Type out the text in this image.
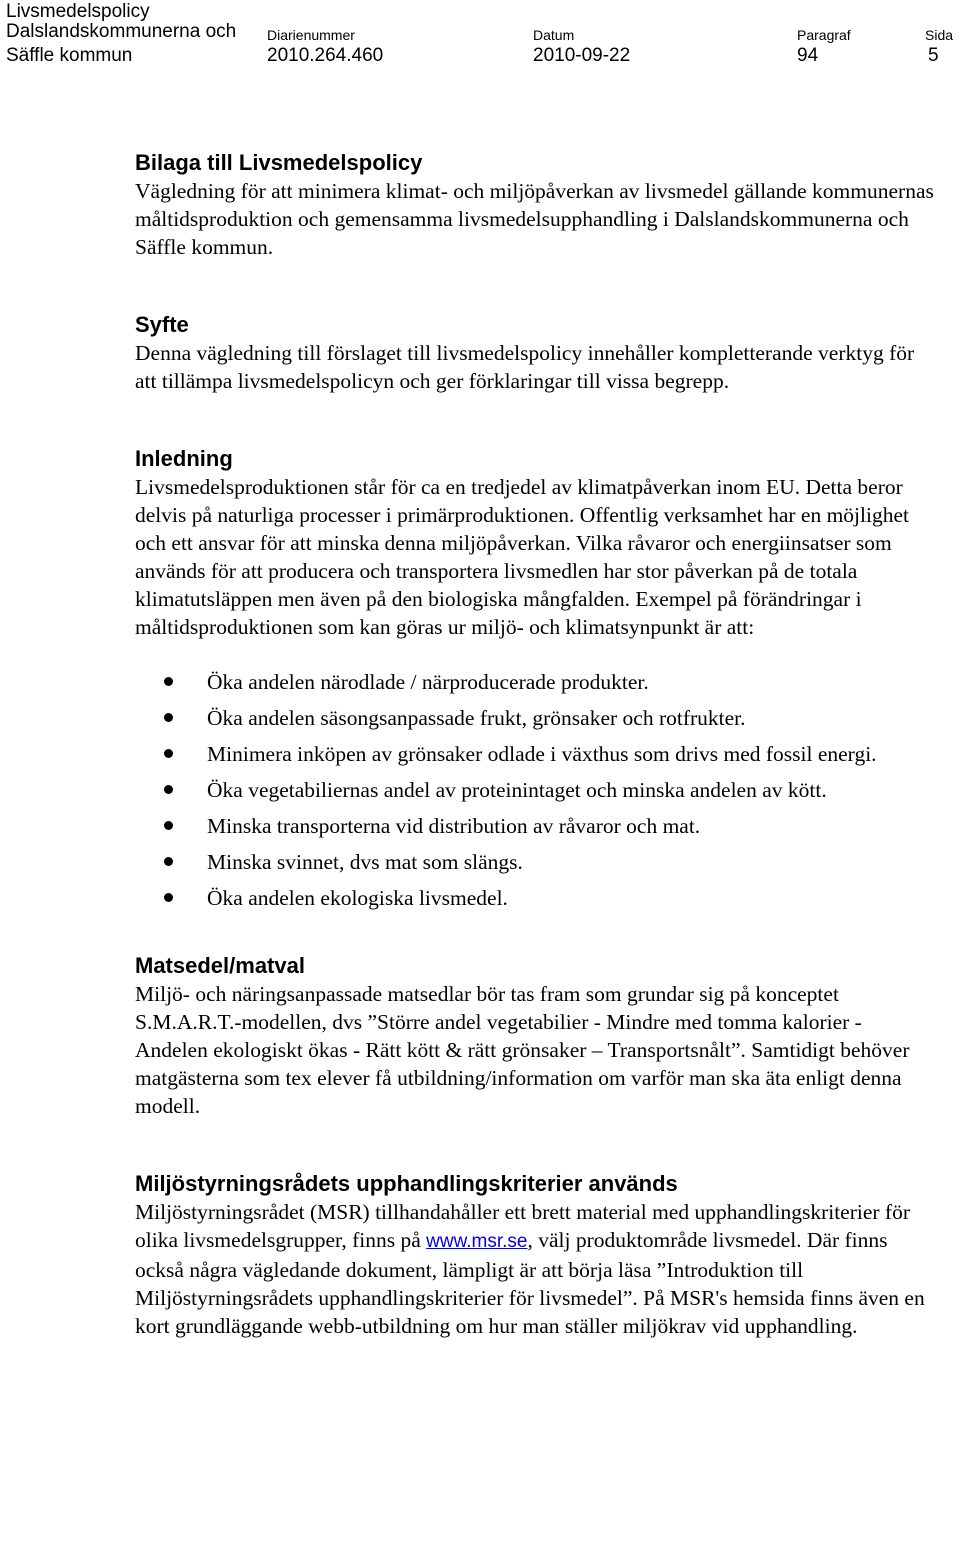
Livsmedelspolicy
Dalslandskommunerna och
Säffle kommun
Diarienummer
2010.264.460
Datum
2010-09-22
Paragraf
94
Sida
5
Bilaga till Livsmedelspolicy

Vägledning för att minimera klimat- och miljöpåverkan av livsmedel gällande kommunernas måltidsproduktion och gemensamma livsmedelsupphandling i Dalslandskommunerna och Säffle kommun.

Syfte

Denna vägledning till förslaget till livsmedelspolicy innehåller kompletterande verktyg för att tillämpa livsmedelspolicyn och ger förklaringar till vissa begrepp.

Inledning

Livsmedelsproduktionen står för ca en tredjedel av klimatpåverkan inom EU. Detta beror delvis på naturliga processer i primärproduktionen. Offentlig verksamhet har en möjlighet och ett ansvar för att minska denna miljöpåverkan. Vilka råvaror och energiinsatser som används för att producera och transportera livsmedlen har stor påverkan på de totala klimatutsläppen men även på den biologiska mångfalden. Exempel på förändringar i måltidsproduktionen som kan göras ur miljö- och klimatsynpunkt är att:

Öka andelen närodlade / närproducerade produkter.
Öka andelen säsongsanpassade frukt, grönsaker och rotfrukter.
Minimera inköpen av grönsaker odlade i växthus som drivs med fossil energi.
Öka vegetabiliernas andel av proteinintaget och minska andelen av kött.
Minska transporterna vid distribution av råvaror och mat.
Minska svinnet, dvs mat som slängs.
Öka andelen ekologiska livsmedel.
Matsedel/matval

Miljö- och näringsanpassade matsedlar bör tas fram som grundar sig på konceptet S.M.A.R.T.-modellen, dvs ”Större andel vegetabilier - Mindre med tomma kalorier - Andelen ekologiskt ökas - Rätt kött & rätt grönsaker – Transportsnålt”. Samtidigt behöver matgästerna som tex elever få utbildning/information om varför man ska äta enligt denna modell.

Miljöstyrningsrådets upphandlingskriterier används

Miljöstyrningsrådet (MSR) tillhandahåller ett brett material med upphandlingskriterier för olika livsmedelsgrupper, finns på www.msr.se, välj produktområde livsmedel. Där finns också några vägledande dokument, lämpligt är att börja läsa ”Introduktion till Miljöstyrningsrådets upphandlingskriterier för livsmedel”. På MSR's hemsida finns även en kort grundläggande webb-utbildning om hur man ställer miljökrav vid upphandling.
